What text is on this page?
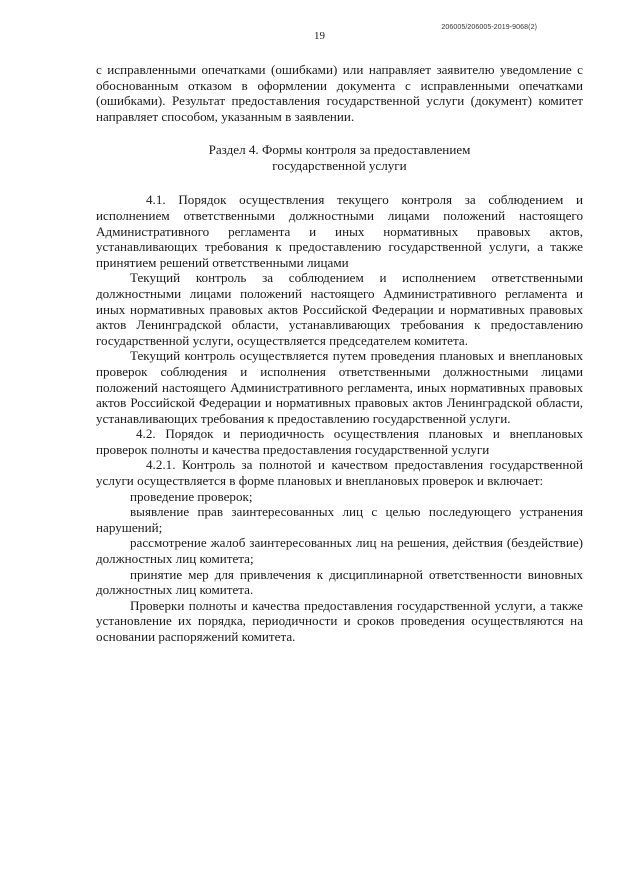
206005/206005-2019-9068(2)
19

с исправленными опечатками (ошибками) или направляет заявителю уведомление с обоснованным отказом в оформлении документа с исправленными опечатками (ошибками). Результат предоставления государственной услуги (документ) комитет направляет способом, указанным в заявлении.

Раздел 4. Формы контроля за предоставлением
государственной услуги

4.1. Порядок осуществления текущего контроля за соблюдением и исполнением ответственными должностными лицами положений настоящего Административного регламента и иных нормативных правовых актов, устанавливающих требования к предоставлению государственной услуги, а также принятием решений ответственными лицами

Текущий контроль за соблюдением и исполнением ответственными должностными лицами положений настоящего Административного регламента и иных нормативных правовых актов Российской Федерации и нормативных правовых актов Ленинградской области, устанавливающих требования к предоставлению государственной услуги, осуществляется председателем комитета.

Текущий контроль осуществляется путем проведения плановых и внеплановых проверок соблюдения и исполнения ответственными должностными лицами положений настоящего Административного регламента, иных нормативных правовых актов Российской Федерации и нормативных правовых актов Ленинградской области, устанавливающих требования к предоставлению государственной услуги.

4.2. Порядок и периодичность осуществления плановых и внеплановых проверок полноты и качества предоставления государственной услуги

4.2.1. Контроль за полнотой и качеством предоставления государственной услуги осуществляется в форме плановых и внеплановых проверок и включает:

проведение проверок;

выявление прав заинтересованных лиц с целью последующего устранения нарушений;

рассмотрение жалоб заинтересованных лиц на решения, действия (бездействие) должностных лиц комитета;

принятие мер для привлечения к дисциплинарной ответственности виновных должностных лиц комитета.

Проверки полноты и качества предоставления государственной услуги, а также установление их порядка, периодичности и сроков проведения осуществляются на основании распоряжений комитета.
